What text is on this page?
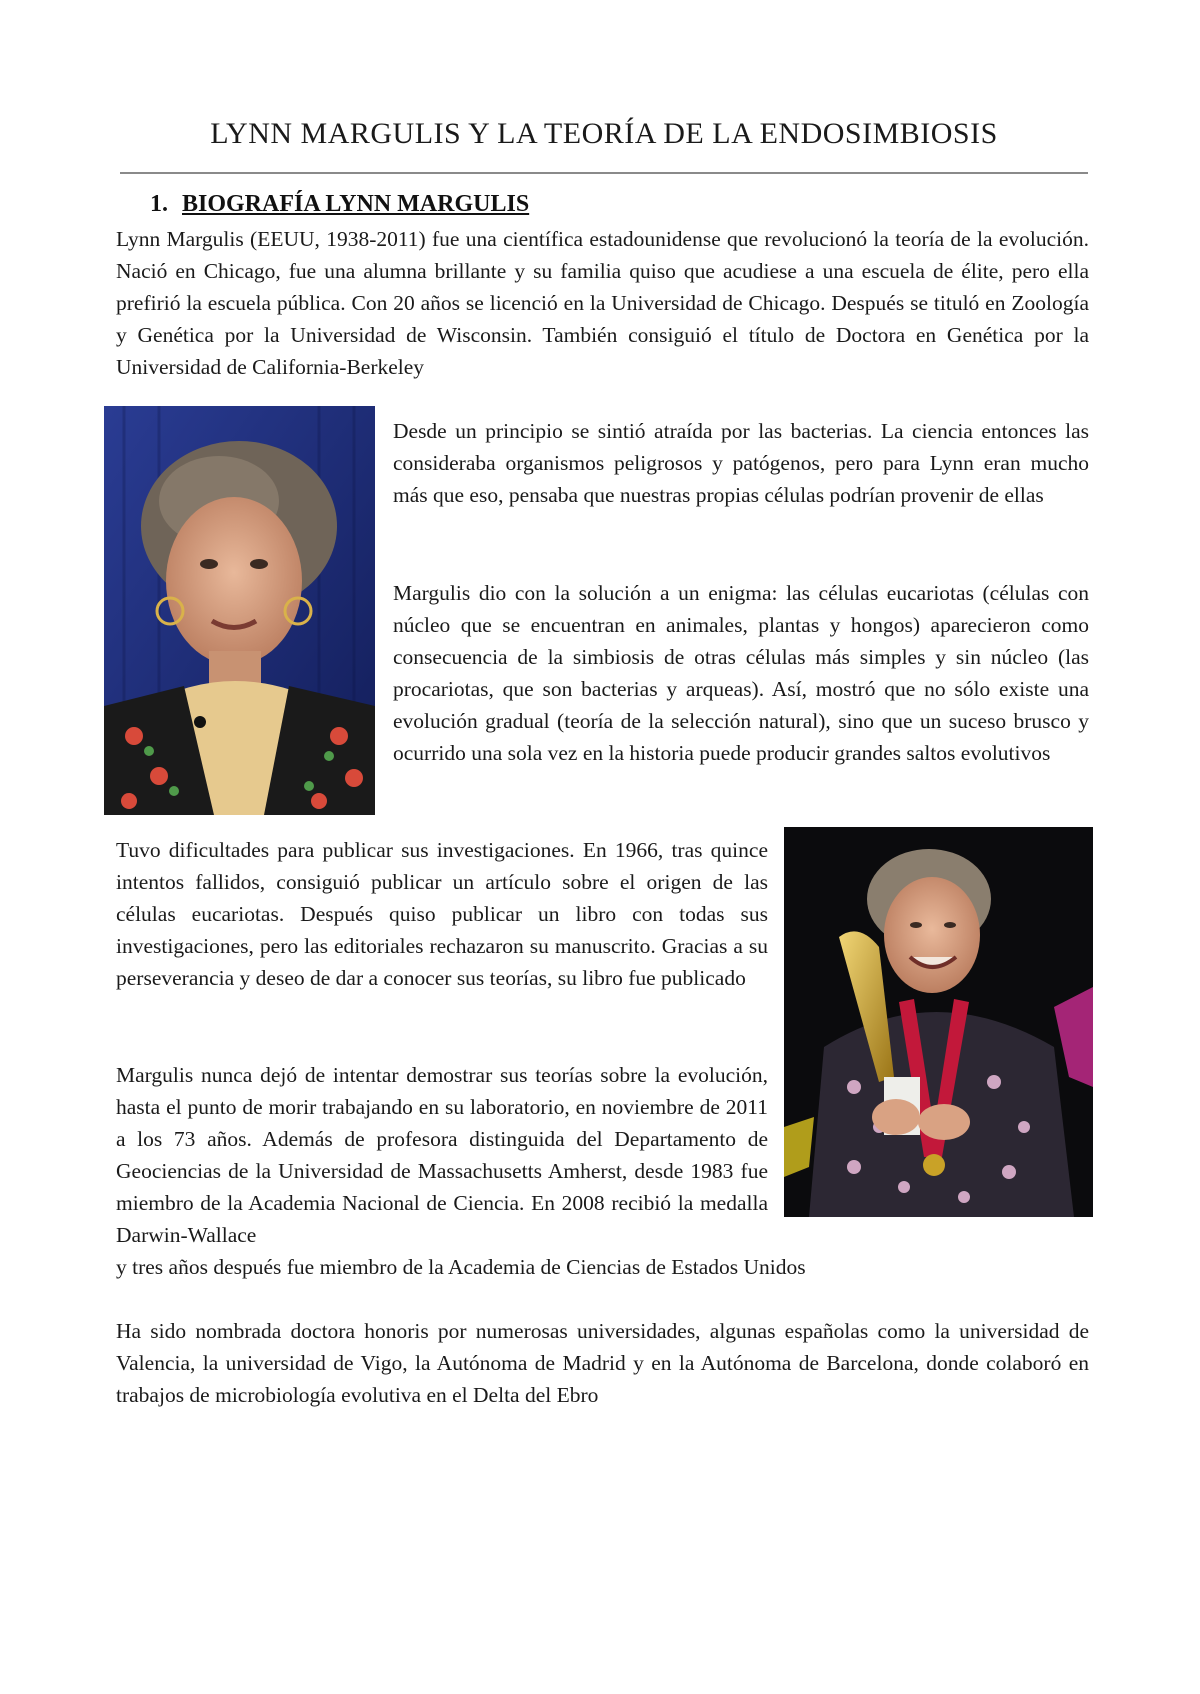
LYNN MARGULIS Y LA TEORÍA DE LA ENDOSIMBIOSIS
1. BIOGRAFÍA LYNN MARGULIS
Lynn Margulis (EEUU, 1938-2011) fue una científica estadounidense que revolucionó la teoría de la evolución. Nació en Chicago, fue una alumna brillante y su familia quiso que acudiese a una escuela de élite, pero ella prefirió la escuela pública. Con 20 años se licenció en la Universidad de Chicago. Después se tituló en Zoología y Genética por la Universidad de Wisconsin. También consiguió el título de Doctora en Genética por la Universidad de California-Berkeley
Desde un principio se sintió atraída por las bacterias. La ciencia entonces las consideraba organismos peligrosos y patógenos, pero para Lynn eran mucho más que eso, pensaba que nuestras propias células podrían provenir de ellas
Margulis dio con la solución a un enigma: las células eucariotas (células con núcleo que se encuentran en animales, plantas y hongos) aparecieron como consecuencia de la simbiosis de otras células más simples y sin núcleo (las procariotas, que son bacterias y arqueas). Así, mostró que no sólo existe una evolución gradual (teoría de la selección natural), sino que un suceso brusco y ocurrido una sola vez en la historia puede producir grandes saltos evolutivos
Tuvo dificultades para publicar sus investigaciones. En 1966, tras quince intentos fallidos, consiguió publicar un artículo sobre el origen de las células eucariotas. Después quiso publicar un libro con todas sus investigaciones, pero las editoriales rechazaron su manuscrito. Gracias a su perseverancia y deseo de dar a conocer sus teorías, su libro fue publicado
Margulis nunca dejó de intentar demostrar sus teorías sobre la evolución, hasta el punto de morir trabajando en su laboratorio, en noviembre de 2011 a los 73 años. Además de profesora distinguida del Departamento de Geociencias de la Universidad de Massachusetts Amherst, desde 1983 fue miembro de la Academia Nacional de Ciencia. En 2008 recibió la medalla Darwin-Wallace
y tres años después fue miembro de la Academia de Ciencias de Estados Unidos
Ha sido nombrada doctora honoris por numerosas universidades, algunas españolas como la universidad de Valencia, la universidad de Vigo, la Autónoma de Madrid y en la Autónoma de Barcelona, donde colaboró en trabajos de microbiología evolutiva en el Delta del Ebro
